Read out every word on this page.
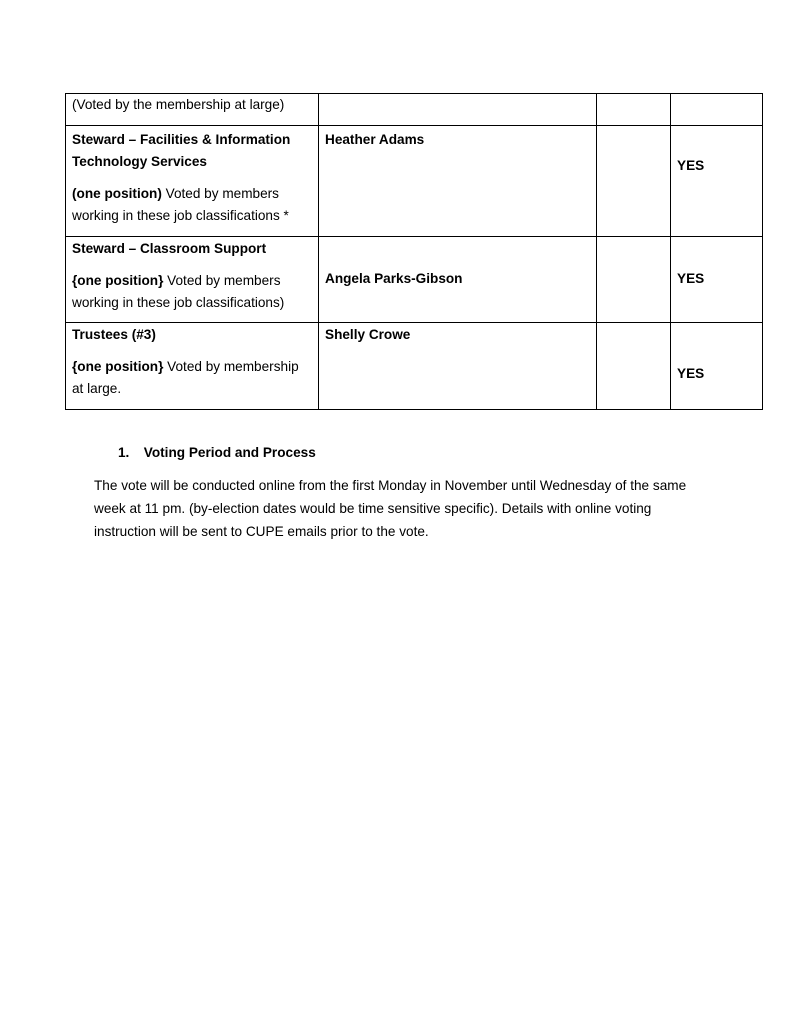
(Voted by the membership at large)			

Steward – Facilities & Information Technology Services
(one position) Voted by members working in these job classifications *	Heather Adams		YES

Steward – Classroom Support
{one position} Voted by members working in these job classifications)	Angela Parks-Gibson		YES

Trustees (#3)
{one position} Voted by membership at large.	Shelly Crowe		YES
1. Voting Period and Process
The vote will be conducted online from the first Monday in November until Wednesday of the same week at 11 pm. (by-election dates would be time sensitive specific). Details with online voting instruction will be sent to CUPE emails prior to the vote.
